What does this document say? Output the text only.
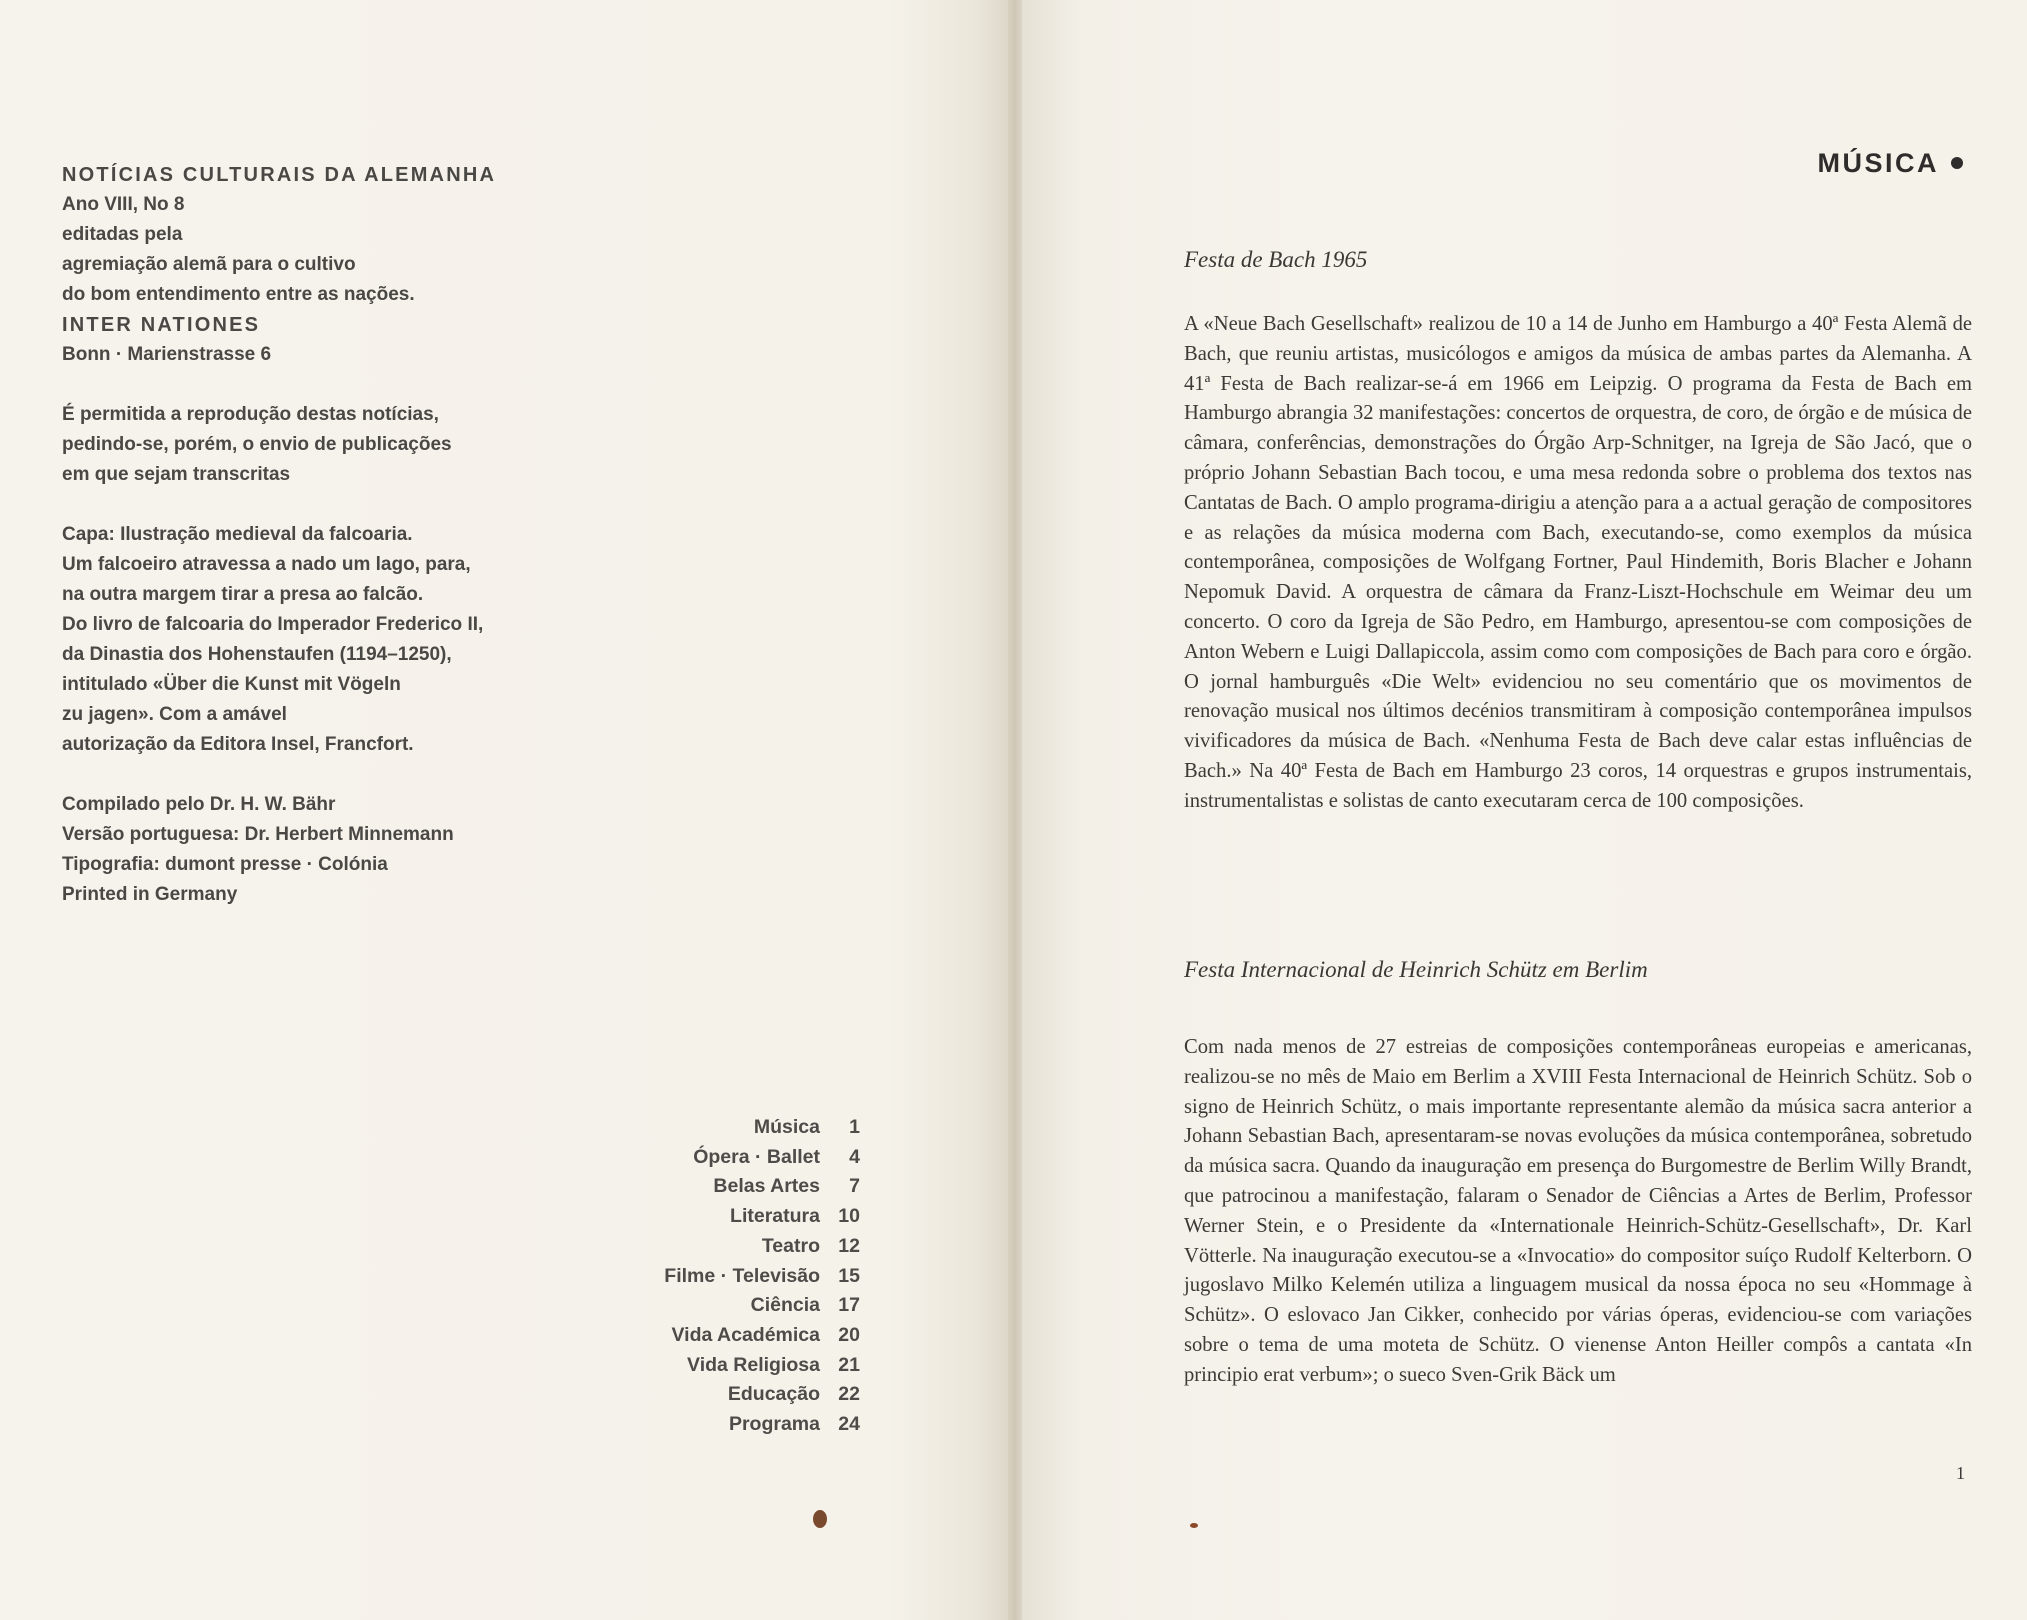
NOTÍCIAS CULTURAIS DA ALEMANHA
Ano VIII, No 8
editadas pela
agremiação alemã para o cultivo
do bom entendimento entre as nações.
INTER NATIONES
Bonn · Marienstrasse 6
É permitida a reprodução destas notícias,
pedindo-se, porém, o envio de publicações
em que sejam transcritas
Capa: Ilustração medieval da falcoaria.
Um falcoeiro atravessa a nado um lago, para,
na outra margem tirar a presa ao falcão.
Do livro de falcoaria do Imperador Frederico II,
da Dinastia dos Hohenstaufen (1194–1250),
intitulado «Über die Kunst mit Vögeln
zu jagen». Com a amável
autorização da Editora Insel, Francfort.
Compilado pelo Dr. H. W. Bähr
Versão portuguesa: Dr. Herbert Minnemann
Tipografia: dumont presse · Colónia
Printed in Germany
Música	1
Ópera · Ballet	4
Belas Artes	7
Literatura 10
Teatro 12
Filme · Televisão 15
Ciência 17
Vida Académica 20
Vida Religiosa 21
Educação 22
Programa 24
MÚSICA
Festa de Bach 1965

A «Neue Bach Gesellschaft» realizou de 10 a 14 de Junho em Hamburgo a 40ª Festa Alemã de Bach, que reuniu artistas, musicólogos e amigos da música de ambas partes da Alemanha. A 41ª Festa de Bach realizar-se-á em 1966 em Leipzig. O programa da Festa de Bach em Hamburgo abrangia 32 manifestações: concertos de orquestra, de coro, de órgão e de música de câmara, conferências, demonstrações do Órgão Arp-Schnitger, na Igreja de São Jacó, que o próprio Johann Sebastian Bach tocou, e uma mesa redonda sobre o problema dos textos nas Cantatas de Bach. O amplo programa-dirigiu a atenção para a a actual geração de compositores e as relações da música moderna com Bach, executando-se, como exemplos da música contemporânea, composições de Wolfgang Fortner, Paul Hindemith, Boris Blacher e Johann Nepomuk David. A orquestra de câmara da Franz-Liszt-Hochschule em Weimar deu um concerto. O coro da Igreja de São Pedro, em Hamburgo, apresentou-se com composições de Anton Webern e Luigi Dallapiccola, assim como com composições de Bach para coro e órgão. O jornal hamburguês «Die Welt» evidenciou no seu comentário que os movimentos de renovação musical nos últimos decénios transmitiram à composição contemporânea impulsos vivificadores da música de Bach. «Nenhuma Festa de Bach deve calar estas influências de Bach.» Na 40ª Festa de Bach em Hamburgo 23 coros, 14 orquestras e grupos instrumentais, instrumentalistas e solistas de canto executaram cerca de 100 composições.

Festa Internacional de Heinrich Schütz em Berlim

Com nada menos de 27 estreias de composições contemporâneas europeias e americanas, realizou-se no mês de Maio em Berlim a XVIII Festa Internacional de Heinrich Schütz. Sob o signo de Heinrich Schütz, o mais importante representante alemão da música sacra anterior a Johann Sebastian Bach, apresentaram-se novas evoluções da música contemporânea, sobretudo da música sacra. Quando da inauguração em presença do Burgomestre de Berlim Willy Brandt, que patrocinou a manifestação, falaram o Senador de Ciências a Artes de Berlim, Professor Werner Stein, e o Presidente da «Internationale Heinrich-Schütz-Gesellschaft», Dr. Karl Vötterle. Na inauguração executou-se a «Invocatio» do compositor suíço Rudolf Kelterborn. O jugoslavo Milko Kelemén utiliza a linguagem musical da nossa época no seu «Hommage à Schütz». O eslovaco Jan Cikker, conhecido por várias óperas, evidenciou-se com variações sobre o tema de uma moteta de Schütz. O vienense Anton Heiller compôs a cantata «In principio erat verbum»; o sueco Sven-Grik Bäck um

1
